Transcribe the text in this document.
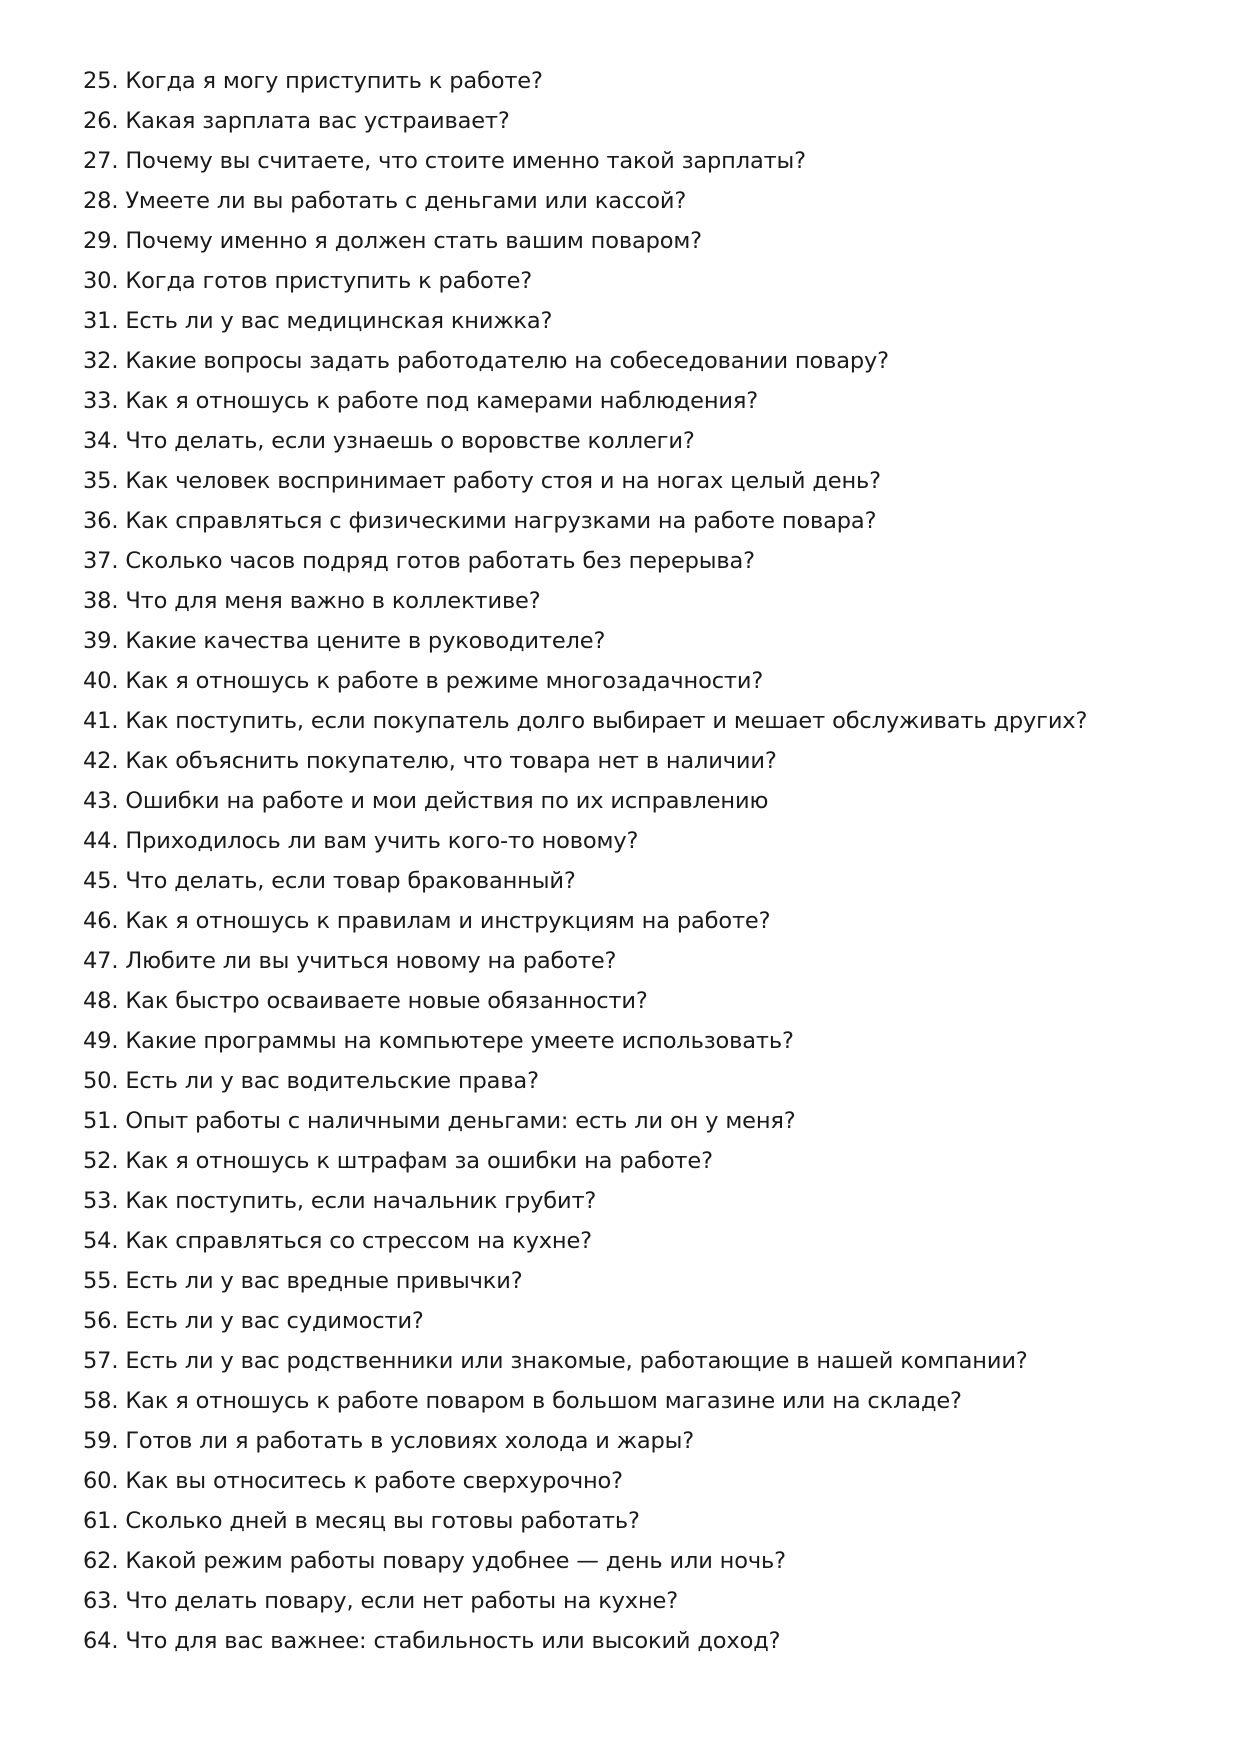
25. Когда я могу приступить к работе?
26. Какая зарплата вас устраивает?
27. Почему вы считаете, что стоите именно такой зарплаты?
28. Умеете ли вы работать с деньгами или кассой?
29. Почему именно я должен стать вашим поваром?
30. Когда готов приступить к работе?
31. Есть ли у вас медицинская книжка?
32. Какие вопросы задать работодателю на собеседовании повару?
33. Как я отношусь к работе под камерами наблюдения?
34. Что делать, если узнаешь о воровстве коллеги?
35. Как человек воспринимает работу стоя и на ногах целый день?
36. Как справляться с физическими нагрузками на работе повара?
37. Сколько часов подряд готов работать без перерыва?
38. Что для меня важно в коллективе?
39. Какие качества цените в руководителе?
40. Как я отношусь к работе в режиме многозадачности?
41. Как поступить, если покупатель долго выбирает и мешает обслуживать других?
42. Как объяснить покупателю, что товара нет в наличии?
43. Ошибки на работе и мои действия по их исправлению
44. Приходилось ли вам учить кого-то новому?
45. Что делать, если товар бракованный?
46. Как я отношусь к правилам и инструкциям на работе?
47. Любите ли вы учиться новому на работе?
48. Как быстро осваиваете новые обязанности?
49. Какие программы на компьютере умеете использовать?
50. Есть ли у вас водительские права?
51. Опыт работы с наличными деньгами: есть ли он у меня?
52. Как я отношусь к штрафам за ошибки на работе?
53. Как поступить, если начальник грубит?
54. Как справляться со стрессом на кухне?
55. Есть ли у вас вредные привычки?
56. Есть ли у вас судимости?
57. Есть ли у вас родственники или знакомые, работающие в нашей компании?
58. Как я отношусь к работе поваром в большом магазине или на складе?
59. Готов ли я работать в условиях холода и жары?
60. Как вы относитесь к работе сверхурочно?
61. Сколько дней в месяц вы готовы работать?
62. Какой режим работы повару удобнее — день или ночь?
63. Что делать повару, если нет работы на кухне?
64. Что для вас важнее: стабильность или высокий доход?
